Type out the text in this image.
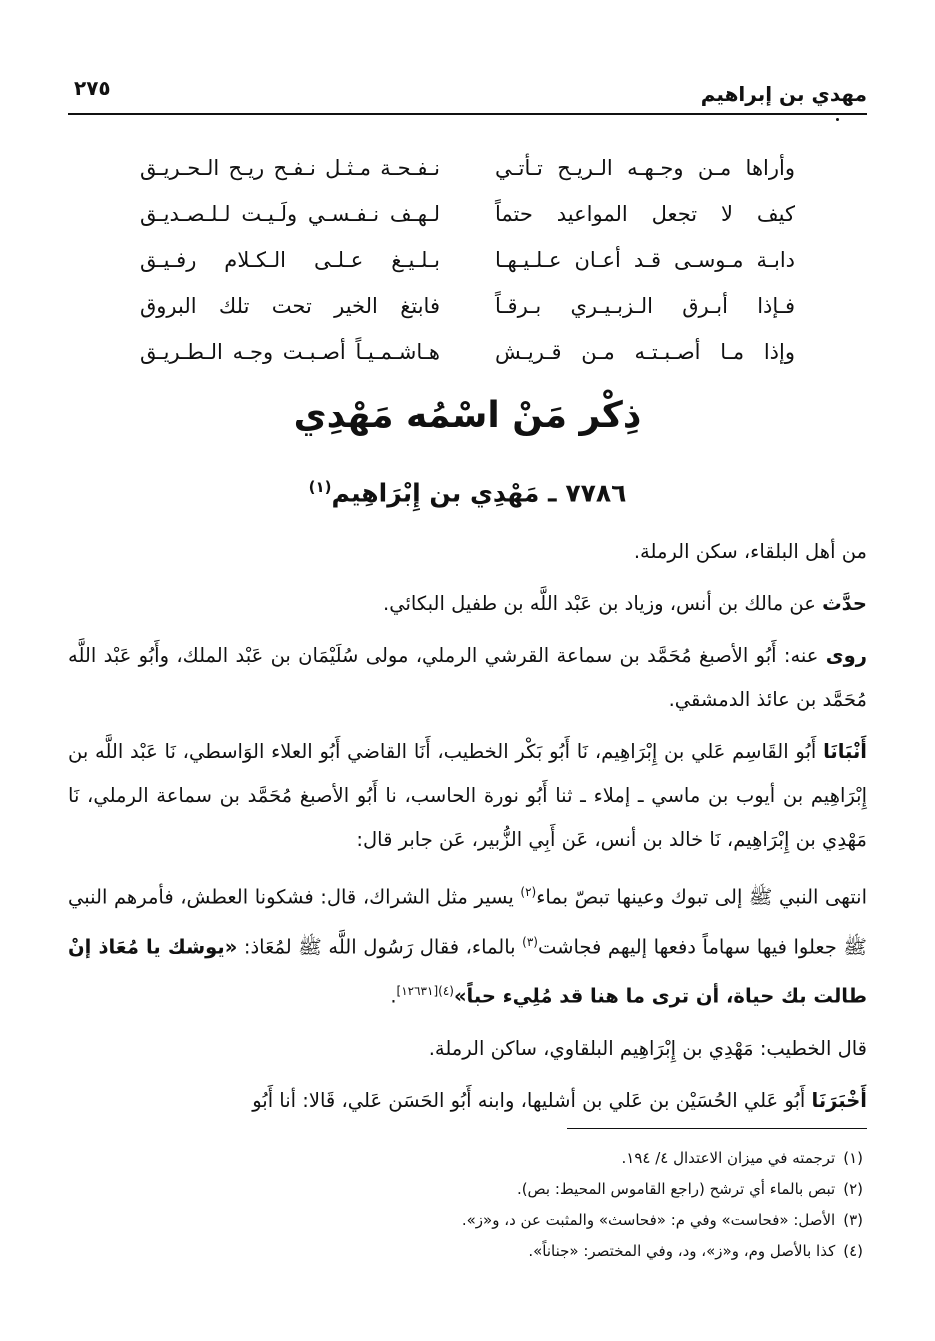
مهدي بن إبراهيم
٢٧٥
وأراها مـن وجـهـه الـريـح تـأتـي
نـفـحـة مـثـل نـفـح ريـح الـحـريـق
كيف لا تجعل المواعيد حتماً
لـهـف نـفـسـي ولَـيـت لـلـصـديـق
دابـة مـوسـى قـد أعـان عـلـيـهـا
بـلـيـغ عـلـى الـكـلام رفـيـق
فـإذا أبـرق الـزبـيـري بـرقـاً
فابتغ الخير تحت تلك البروق
وإذا مـا أصـبـتـه مـن قـريـش
هـاشـمـيـاً أصـبـت وجـه الـطـريـق
ذِكْر مَنْ اسْمُه مَهْدِي
٧٧٨٦ ـ مَهْدِي بن إِبْرَاهِيم$^{(١)}$

من أهل البلقاء، سكن الرملة.

حدَّث عن مالك بن أنس، وزياد بن عَبْد اللَّه بن طفيل البكائي.

روى عنه: أَبُو الأصبغ مُحَمَّد بن سماعة القرشي الرملي، مولى سُلَيْمَان بن عَبْد الملك، وأَبُو عَبْد اللَّه مُحَمَّد بن عائذ الدمشقي.

أَنْبَانَا أَبُو القَاسِم عَلي بن إِبْرَاهِيم، نَا أَبُو بَكْر الخطيب، أَنَا القاضي أَبُو العلاء الوَاسطي، نَا عَبْد اللَّه بن إِبْرَاهِيم بن أيوب بن ماسي ـ إملاء ـ ثنا أَبُو نورة الحاسب، نا أَبُو الأصبغ مُحَمَّد بن سماعة الرملي، نَا مَهْدِي بن إِبْرَاهِيم، نَا خالد بن أنس، عَن أَبِي الزُّبير، عَن جابر قال:

انتهى النبي ﷺ إلى تبوك وعينها تبصّ بماء$^{(٢)}$ يسير مثل الشراك، قال: فشكونا العطش، فأمرهم النبي ﷺ جعلوا فيها سهاماً دفعها إليهم فجاشت$^{(٣)}$ بالماء، فقال رَسُول اللَّه ﷺ لمُعَاذ: «يوشك يا مُعَاذ إنْ طالت بك حياة، أن ترى ما هنا قد مُلِيء حباً»$^{(٤)[١٢٦٣١]}$.

قال الخطيب: مَهْدِي بن إِبْرَاهِيم البلقاوي، ساكن الرملة.

أَخْبَرَنَا أَبُو عَلي الحُسَيْن بن عَلي بن أشليها، وابنه أَبُو الحَسَن عَلي، قَالا: أنا أَبُو

(١)ترجمته في ميزان الاعتدال ٤/ ١٩٤.
(٢)تبص بالماء أي ترشح (راجع القاموس المحيط: بص).
(٣)الأصل: «فحاست» وفي م: «فحاسث» والمثبت عن د، و«ز».
(٤)كذا بالأصل وم، و«ز»، ود، وفي المختصر: «جناناً».
